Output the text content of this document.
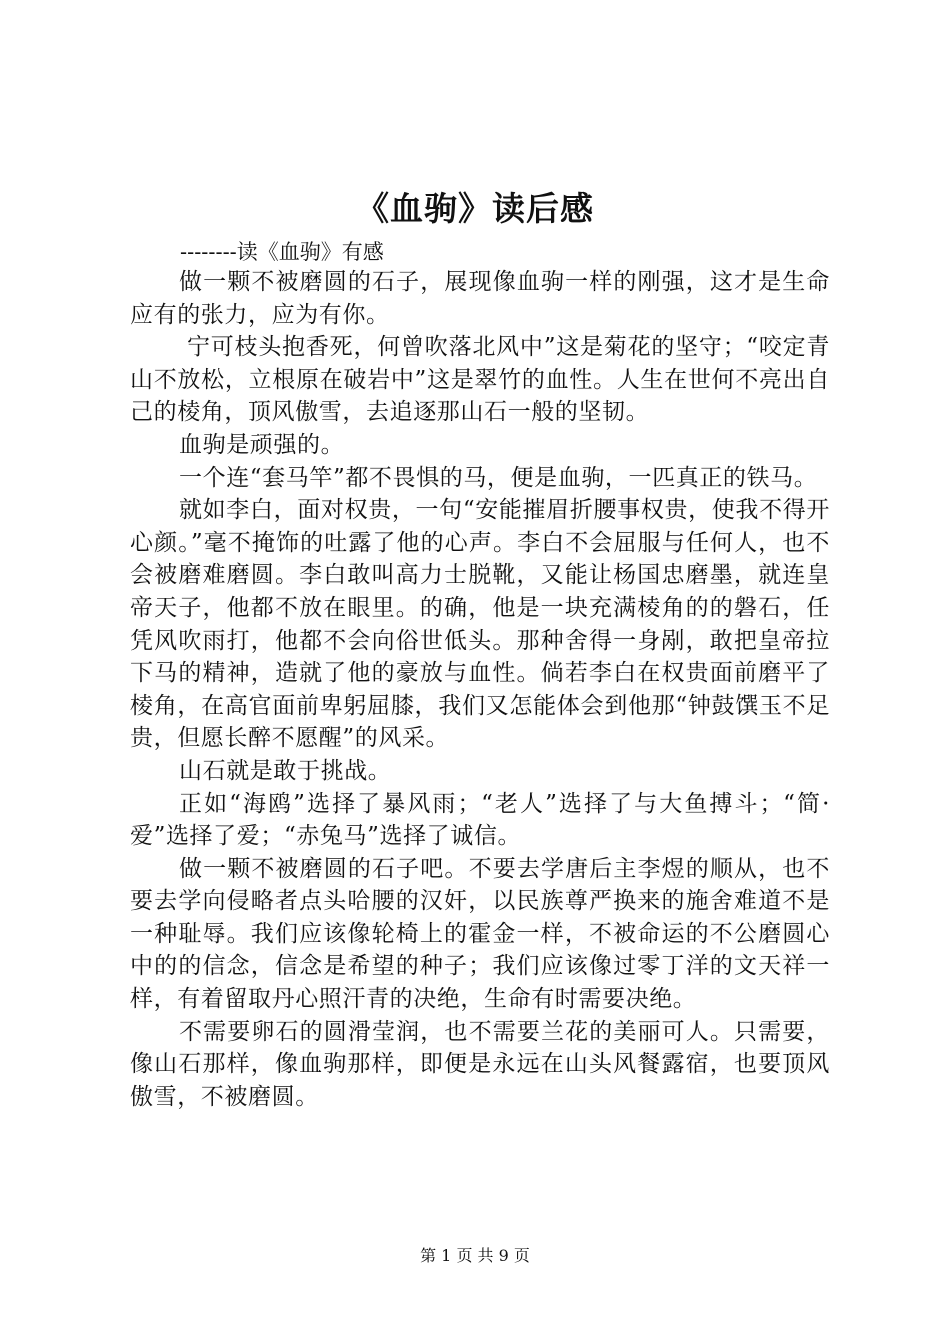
《血驹》读后感
--------读《血驹》有感

做一颗不被磨圆的石子，展现像血驹一样的刚强，这才是生命应有的张力，应为有你。

宁可枝头抱香死，何曾吹落北风中”这是菊花的坚守；“咬定青山不放松，立根原在破岩中”这是翠竹的血性。人生在世何不亮出自己的棱角，顶风傲雪，去追逐那山石一般的坚韧。

血驹是顽强的。

一个连“套马竿”都不畏惧的马，便是血驹，一匹真正的铁马。

就如李白，面对权贵，一句“安能摧眉折腰事权贵，使我不得开心颜。”毫不掩饰的吐露了他的心声。李白不会屈服与任何人，也不会被磨难磨圆。李白敢叫高力士脱靴，又能让杨国忠磨墨，就连皇帝天子，他都不放在眼里。的确，他是一块充满棱角的的磐石，任凭风吹雨打，他都不会向俗世低头。那种舍得一身剐，敢把皇帝拉下马的精神，造就了他的豪放与血性。倘若李白在权贵面前磨平了棱角，在高官面前卑躬屈膝，我们又怎能体会到他那“钟鼓馔玉不足贵，但愿长醉不愿醒”的风采。

山石就是敢于挑战。

正如“海鸥”选择了暴风雨；“老人”选择了与大鱼搏斗；“简·爱”选择了爱；“赤兔马”选择了诚信。

做一颗不被磨圆的石子吧。不要去学唐后主李煜的顺从，也不要去学向侵略者点头哈腰的汉奸，以民族尊严换来的施舍难道不是一种耻辱。我们应该像轮椅上的霍金一样，不被命运的不公磨圆心中的的信念，信念是希望的种子；我们应该像过零丁洋的文天祥一样，有着留取丹心照汗青的决绝，生命有时需要决绝。

不需要卵石的圆滑莹润，也不需要兰花的美丽可人。只需要，像山石那样，像血驹那样，即便是永远在山头风餐露宿，也要顶风傲雪，不被磨圆。

第 1 页 共 9 页
